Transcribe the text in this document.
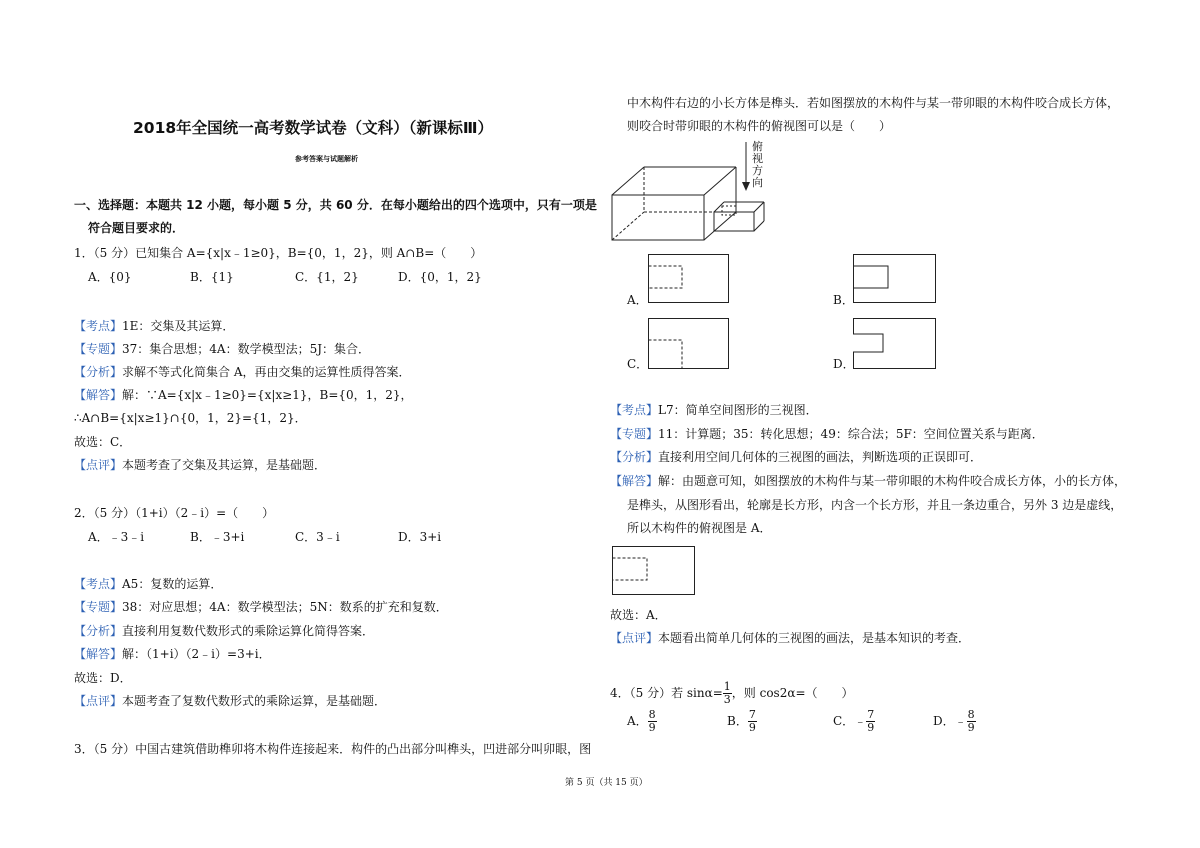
2018年全国统一高考数学试卷（文科）（新课标Ⅲ）
参考答案与试题解析
一、选择题：本题共 12 小题，每小题 5 分，共 60 分．在每小题给出的四个选项中，只有一项是
符合题目要求的．
1．（5 分）已知集合 A={x|x﹣1≥0}，B={0，1，2}，则 A∩B=（　　）
A．{0}	B．{1}	C．{1，2}	D．{0，1，2}
【考点】1E：交集及其运算．
【专题】37：集合思想；4A：数学模型法；5J：集合．
【分析】求解不等式化简集合 A，再由交集的运算性质得答案．
【解答】解：∵A={x|x﹣1≥0}={x|x≥1}，B={0，1，2}，
∴A∩B={x|x≥1}∩{0，1，2}={1，2}．
故选：C．
【点评】本题考查了交集及其运算，是基础题．
2．（5 分）（1+i）（2﹣i）=（　　）
A．﹣3﹣i	B．﹣3+i	C．3﹣i	D．3+i
【考点】A5：复数的运算．
【专题】38：对应思想；4A：数学模型法；5N：数系的扩充和复数．
【分析】直接利用复数代数形式的乘除运算化简得答案．
【解答】解：（1+i）（2﹣i）=3+i．
故选：D．
【点评】本题考查了复数代数形式的乘除运算，是基础题．
3．（5 分）中国古建筑借助榫卯将木构件连接起来．构件的凸出部分叫榫头，凹进部分叫卯眼，图
中木构件右边的小长方体是榫头．若如图摆放的木构件与某一带卯眼的木构件咬合成长方体，
则咬合时带卯眼的木构件的俯视图可以是（　　）
俯
视
方
向
A．	B．
C．	D．
【考点】L7：简单空间图形的三视图．
【专题】11：计算题；35：转化思想；49：综合法；5F：空间位置关系与距离．
【分析】直接利用空间几何体的三视图的画法，判断选项的正误即可．
【解答】解：由题意可知，如图摆放的木构件与某一带卯眼的木构件咬合成长方体，小的长方体，
是榫头，从图形看出，轮廓是长方形，内含一个长方形，并且一条边重合，另外 3 边是虚线，
所以木构件的俯视图是 A．
故选：A．
【点评】本题看出简单几何体的三视图的画法，是基本知识的考查．
4．（5 分）若 $\sin\alpha= \frac{1}{3}$ ，则 cos2α=（　　）
A． $\frac{8}{9}$	B． $\frac{7}{9}$	C．﹣ $\frac{7}{9}$	D．﹣ $\frac{8}{9}$
第 5 页（共 15 页）
